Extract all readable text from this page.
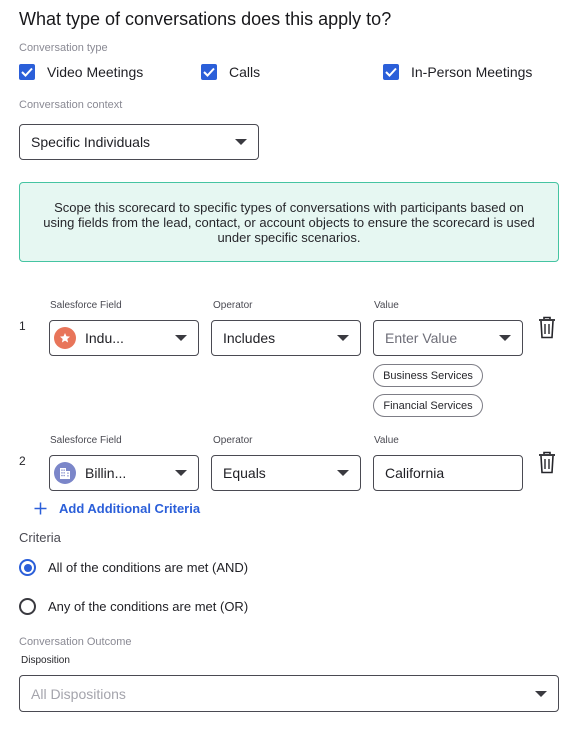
What type of conversations does this apply to?
Conversation type
Video Meetings	Calls	In-Person Meetings
Conversation context
Specific Individuals
Scope this scorecard to specific types of conversations with participants based on using fields from the lead, contact, or account objects to ensure the scorecard is used under specific scenarios.
1
Salesforce Field	Operator	Value
Indu...	Includes	Enter Value
Business Services
Financial Services
2
Salesforce Field	Operator	Value
Billin...	Equals	California
Add Additional Criteria
Criteria
All of the conditions are met (AND)
Any of the conditions are met (OR)
Conversation Outcome
Disposition
All Dispositions
